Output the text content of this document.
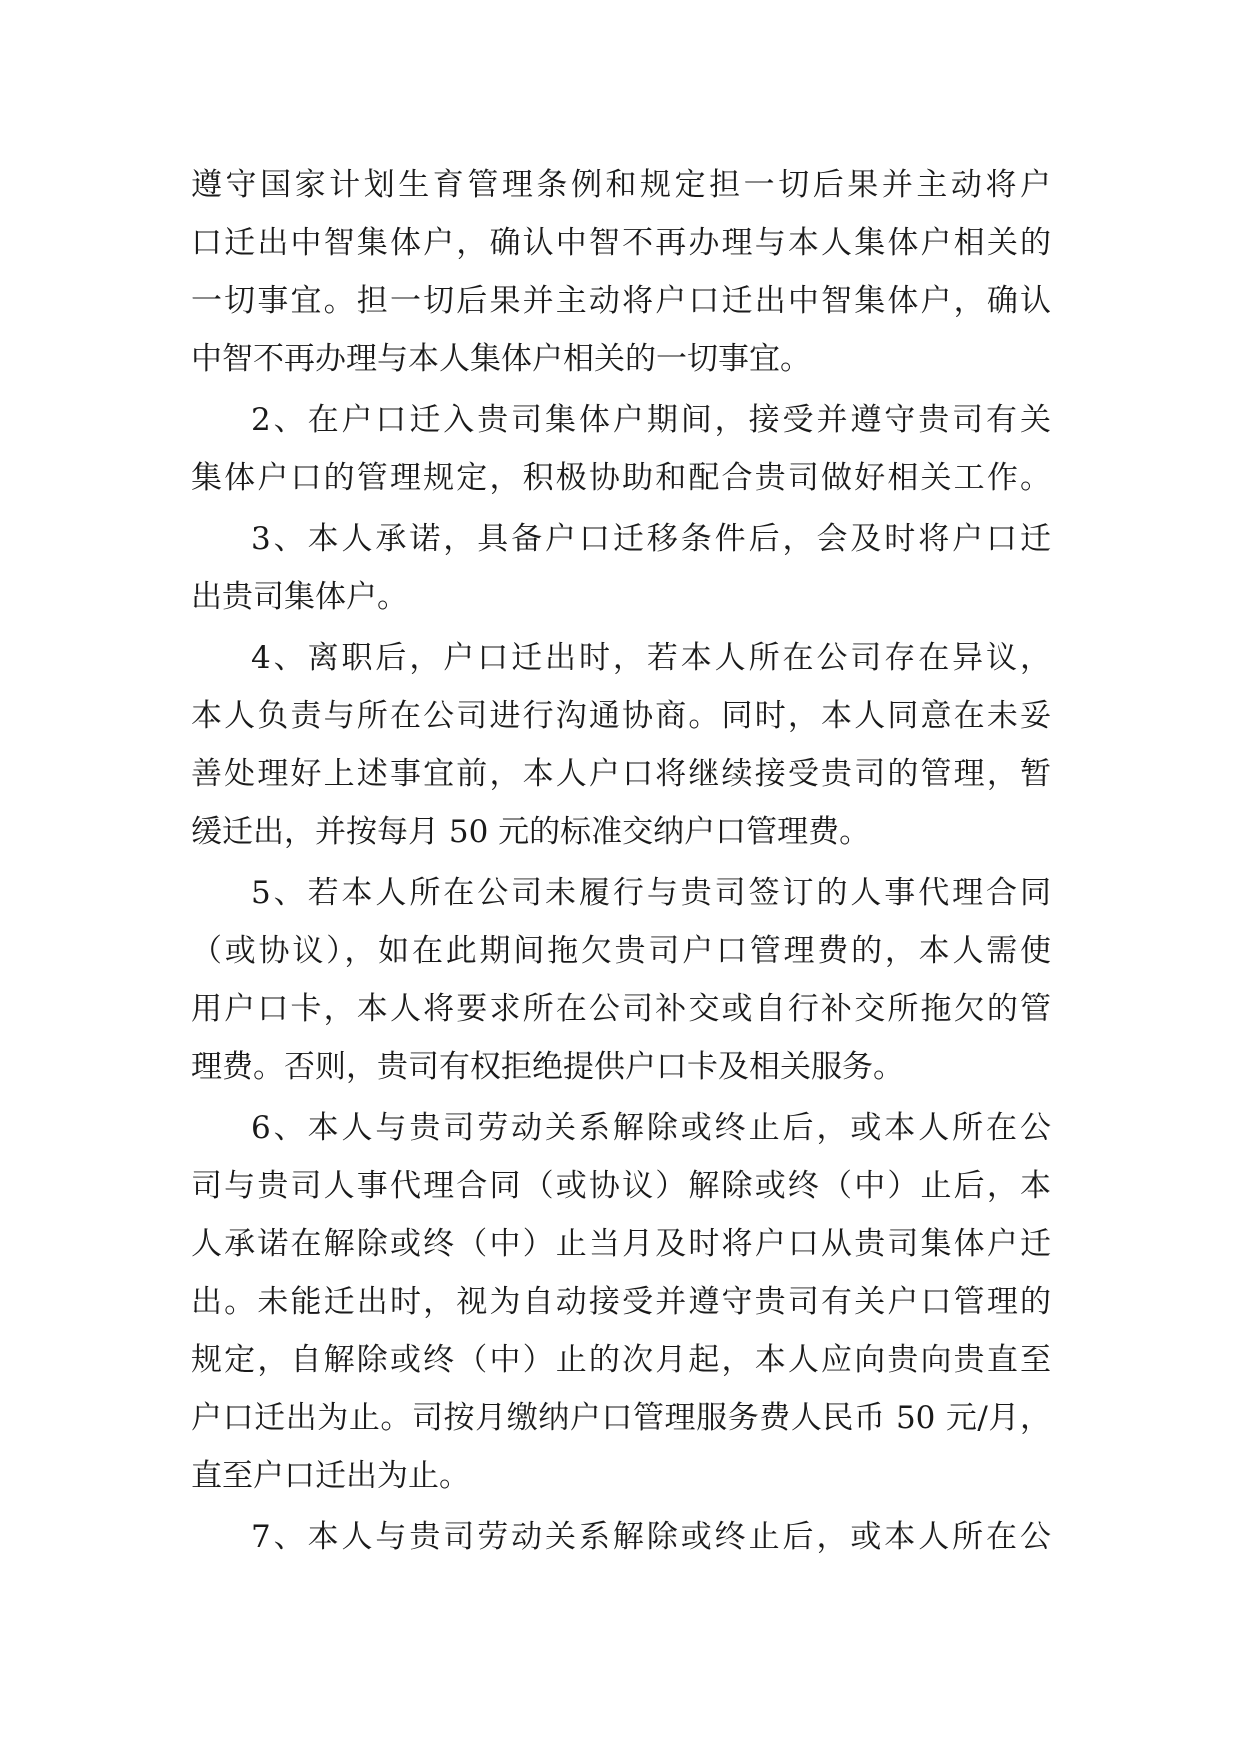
遵守国家计划生育管理条例和规定担一切后果并主动将户
口迁出中智集体户，确认中智不再办理与本人集体户相关的
一切事宜。担一切后果并主动将户口迁出中智集体户，确认
中智不再办理与本人集体户相关的一切事宜。
2、在户口迁入贵司集体户期间，接受并遵守贵司有关
集体户口的管理规定，积极协助和配合贵司做好相关工作。
3、本人承诺，具备户口迁移条件后，会及时将户口迁
出贵司集体户。
4、离职后，户口迁出时，若本人所在公司存在异议，
本人负责与所在公司进行沟通协商。同时，本人同意在未妥
善处理好上述事宜前，本人户口将继续接受贵司的管理，暂
缓迁出，并按每月 50 元的标准交纳户口管理费。
5、若本人所在公司未履行与贵司签订的人事代理合同
（或协议），如在此期间拖欠贵司户口管理费的，本人需使
用户口卡，本人将要求所在公司补交或自行补交所拖欠的管
理费。否则，贵司有权拒绝提供户口卡及相关服务。
6、本人与贵司劳动关系解除或终止后，或本人所在公
司与贵司人事代理合同（或协议）解除或终（中）止后，本
人承诺在解除或终（中）止当月及时将户口从贵司集体户迁
出。未能迁出时，视为自动接受并遵守贵司有关户口管理的
规定，自解除或终（中）止的次月起，本人应向贵向贵直至
户口迁出为止。司按月缴纳户口管理服务费人民币 50 元/月，
直至户口迁出为止。
7、本人与贵司劳动关系解除或终止后，或本人所在公
